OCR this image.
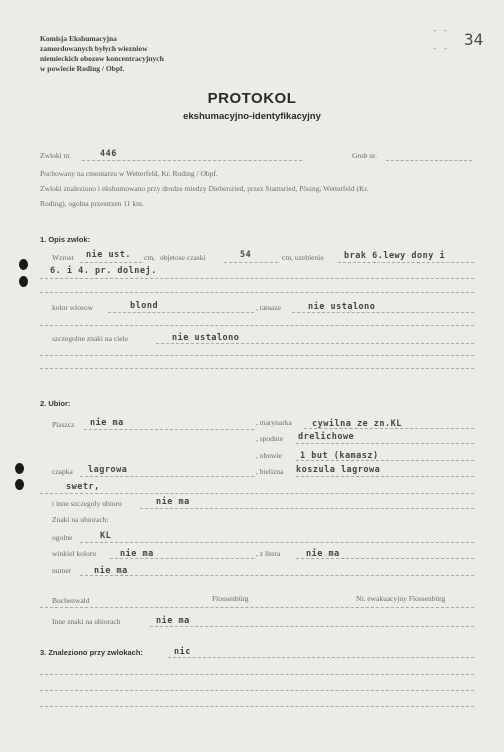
Komisja Ekshumacyjna
zamordowanych byłych wiezniow
niemieckich obozow koncentracyjnych
w powiecie Roding / Obpf.
- -
- - 34
PROTOKOL
ekshumacyjno-identyfikacyjny
Zwloki nr.	446	Grob nr.
Pochowany na cmentarzu w Wetterfeld, Kr. Roding / Obpf.
Zwloki znaleziono i ekshumowano przy drodze miedzy Diebersried, przez Stamsried, Pösing, Wetterfeld (Kr.
Roding), ogolna przestrzen 11 km.
1. Opis zwlok:
Wzrost nie ust. cm, objetose czaski	54	cm, uzebienie brak 6.lewy dony i
6. i 4. pr. dolnej.
kolor wlosow	blond	, tatuaze	nie ustalono
szczegolne znaki na ciele	nie ustalono
2. Ubior:
Plaszcz nie ma	, marynarka cywilna ze zn.KL
, spodnie drelichowe
, obuwie 1 but (kamasz)
czapka lagrowa	, bielizna koszula lagrowa
swetr,
i inne szczegoly ubioru	nie ma
Znaki na ubiorach:
ogolne	KL
winkiel koloru	nie ma	, z litera	nie ma
numer	nie ma
Buchenwald	Flossenbürg	Nr. ewakuacyjny Flossenbürg
Inne znaki na ubiorach	nie ma
3. Znaleziono przy zwlokach:	nic
